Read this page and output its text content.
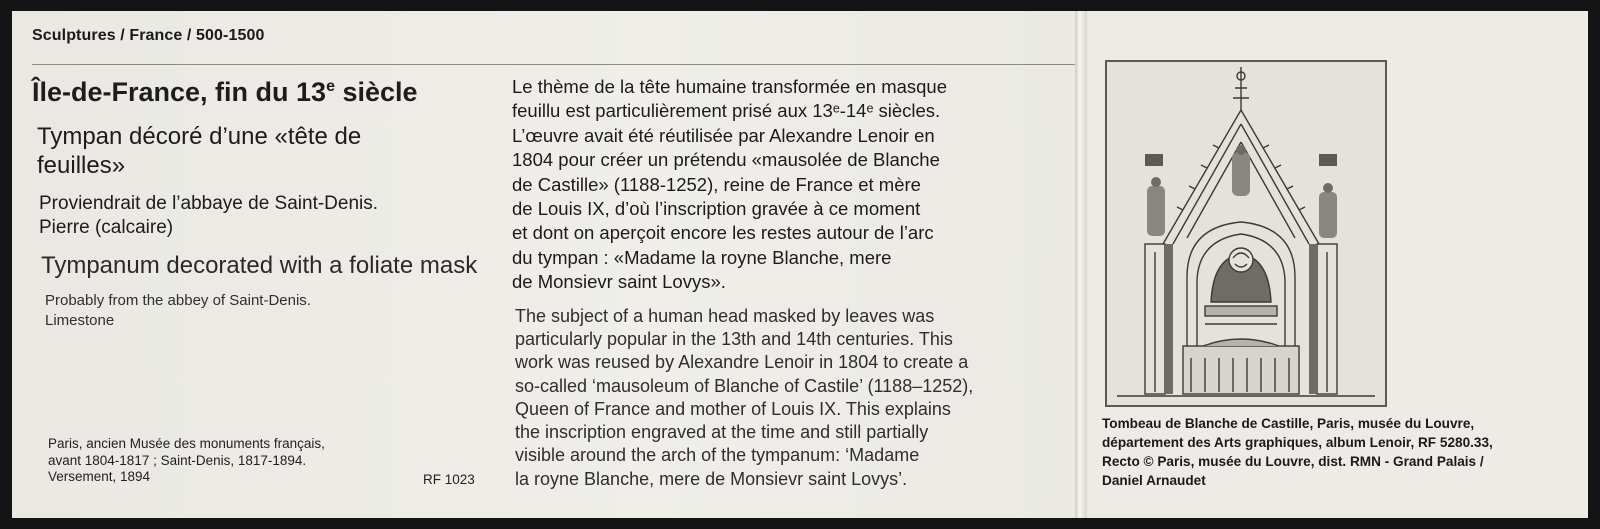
Sculptures / France / 500-1500
Île-de-France, fin du 13e siècle
Tympan décoré d’une «tête de feuilles»
Proviendrait de l’abbaye de Saint-Denis.
Pierre (calcaire)
Tympanum decorated with a foliate mask
Probably from the abbey of Saint-Denis.
Limestone
Paris, ancien Musée des monuments français,
avant 1804-1817 ; Saint-Denis, 1817-1894.
Versement, 1894	RF 1023

Le thème de la tête humaine transformée en masque
feuillu est particulièrement prisé aux 13ᵉ-14ᵉ siècles.
L’œuvre avait été réutilisée par Alexandre Lenoir en
1804 pour créer un prétendu «mausolée de Blanche
de Castille» (1188-1252), reine de France et mère
de Louis IX, d’où l’inscription gravée à ce moment
et dont on aperçoit encore les restes autour de l’arc
du tympan : «Madame la royne Blanche, mere
de Monsievr saint Lovys».

The subject of a human head masked by leaves was
particularly popular in the 13th and 14th centuries. This
work was reused by Alexandre Lenoir in 1804 to create a
so-called ‘mausoleum of Blanche of Castile’ (1188–1252),
Queen of France and mother of Louis IX. This explains
the inscription engraved at the time and still partially
visible around the arch of the tympanum: ‘Madame
la royne Blanche, mere de Monsievr saint Lovys’.

Tombeau de Blanche de Castille, Paris, musée du Louvre,
département des Arts graphiques, album Lenoir, RF 5280.33,
Recto © Paris, musée du Louvre, dist. RMN - Grand Palais /
Daniel Arnaudet
